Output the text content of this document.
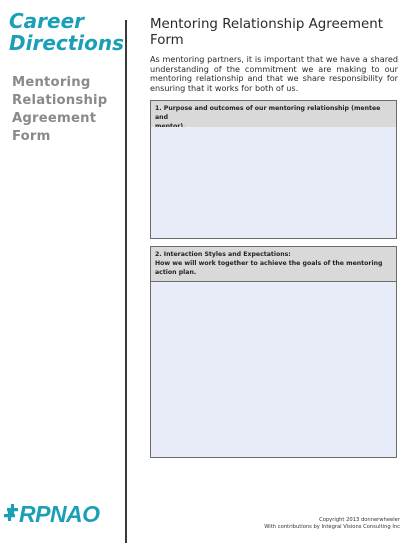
Career
Directions
Mentoring
Relationship
Agreement
Form
RPNAO
Mentoring Relationship Agreement
Form
As mentoring partners, it is important that we have a shared understanding of the commitment we are making to our mentoring relationship and that we share responsibility for ensuring that it works for both of us.
1. Purpose and outcomes of our mentoring relationship (mentee and
2. Interaction Styles and Expectations:
How we will work together to achieve the goals of the mentoring
action plan.
Copyright 2013 donnerwheeler
With contributions by Integral Visions Consulting Inc
